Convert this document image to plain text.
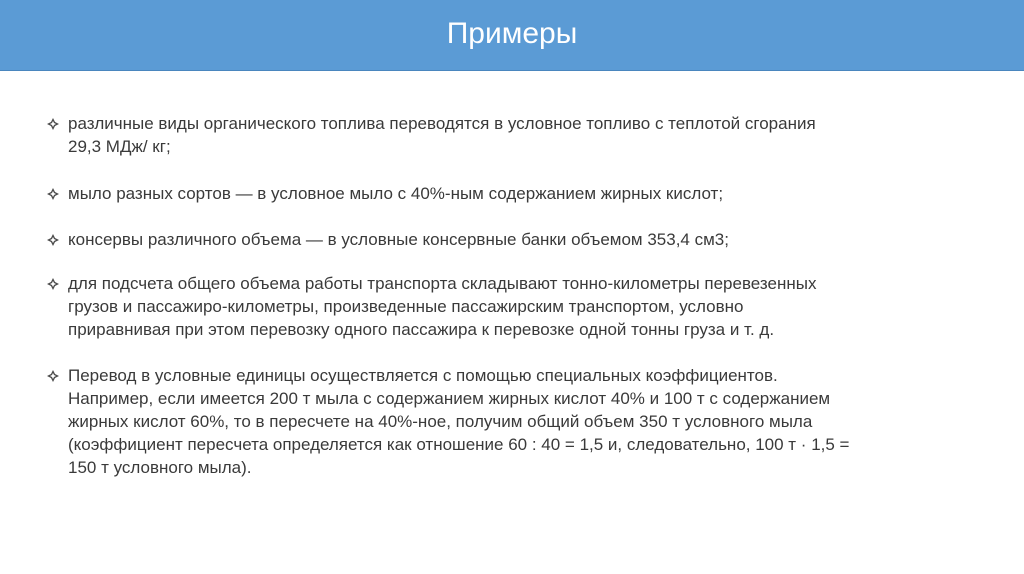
Примеры
различные виды органического топлива переводятся в условное топливо с теплотой сгорания
29,3 МДж/ кг;
мыло разных сортов — в условное мыло с 40%-ным содержанием жирных кислот;
консервы различного объема — в условные консервные банки объемом 353,4 см3;
для подсчета общего объема работы транспорта складывают тонно-километры перевезенных
грузов и пассажиро-километры, произведенные пассажирским транспортом, условно
приравнивая при этом перевозку одного пассажира к перевозке одной тонны груза и т. д.
Перевод в условные единицы осуществляется с помощью специальных коэффициентов.
Например, если имеется 200 т мыла с содержанием жирных кислот 40% и 100 т с содержанием
жирных кислот 60%, то в пересчете на 40%-ное, получим общий объем 350 т условного мыла
(коэффициент пересчета определяется как отношение 60 : 40 = 1,5 и, следовательно, 100 т · 1,5 =
150 т условного мыла).
